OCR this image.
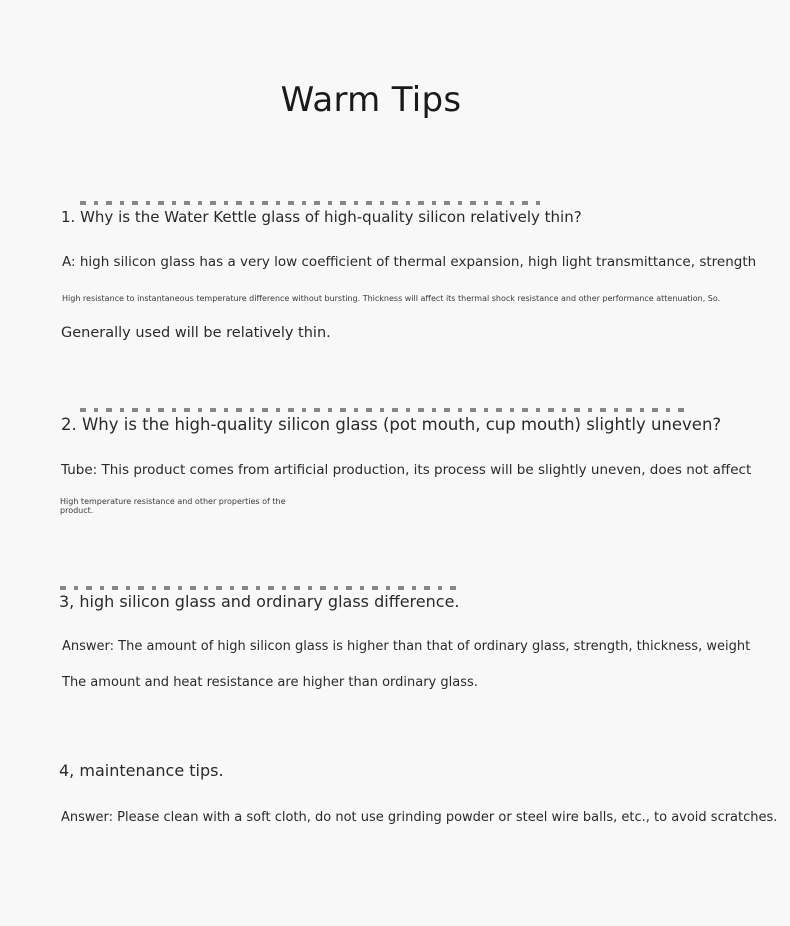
Warm Tips
1. Why is the Water Kettle glass of high-quality silicon relatively thin?
A: high silicon glass has a very low coefficient of thermal expansion, high light transmittance, strength
High resistance to instantaneous temperature difference without bursting. Thickness will affect its thermal shock resistance and other performance attenuation, So.
Generally used will be relatively thin.
2. Why is the high-quality silicon glass (pot mouth, cup mouth) slightly uneven?
Tube: This product comes from artificial production, its process will be slightly uneven, does not affect
High temperature resistance and other properties of the product.
3, high silicon glass and ordinary glass difference.
Answer: The amount of high silicon glass is higher than that of ordinary glass, strength, thickness, weight
The amount and heat resistance are higher than ordinary glass.
4, maintenance tips.
Answer: Please clean with a soft cloth, do not use grinding powder or steel wire balls, etc., to avoid scratches.
